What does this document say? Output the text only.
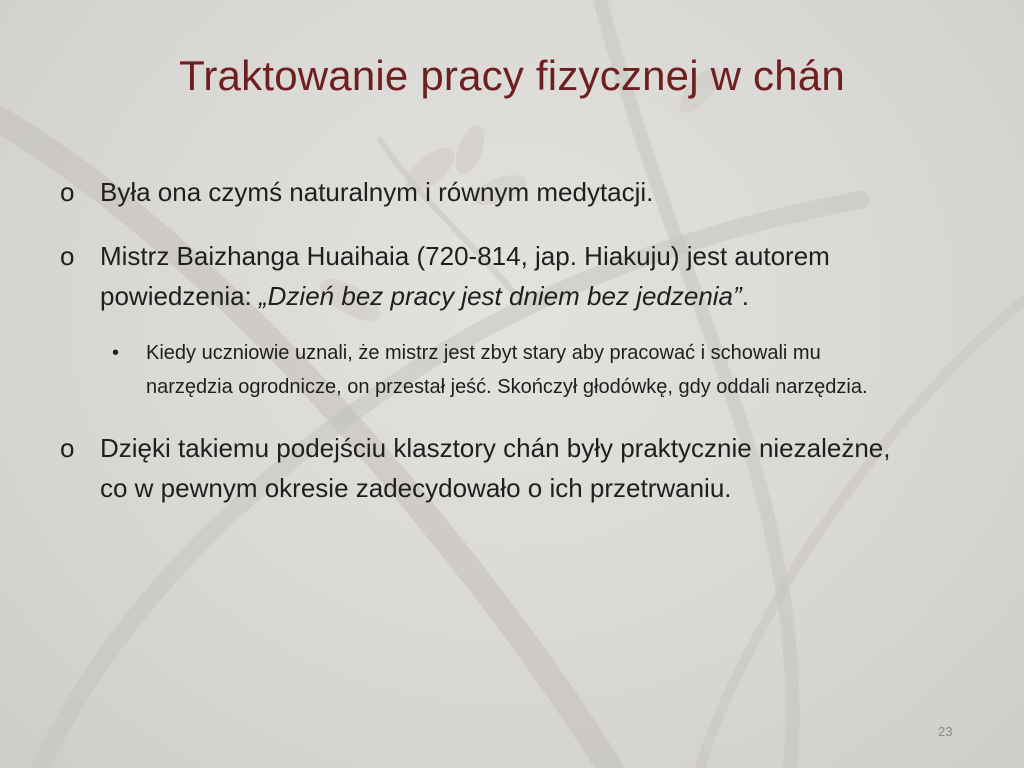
Traktowanie pracy fizycznej w chán
o Była ona czymś naturalnym i równym medytacji.
o Mistrz Baizhanga Huaihaia (720-814, jap. Hiakuju) jest autorem powiedzenia: „Dzień bez pracy jest dniem bez jedzenia”.
•	Kiedy uczniowie uznali, że mistrz jest zbyt stary aby pracować i schowali mu narzędzia ogrodnicze, on przestał jeść. Skończył głodówkę, gdy oddali narzędzia.
o Dzięki takiemu podejściu klasztory chán były praktycznie niezależne, co w pewnym okresie zadecydowało o ich przetrwaniu.
23
